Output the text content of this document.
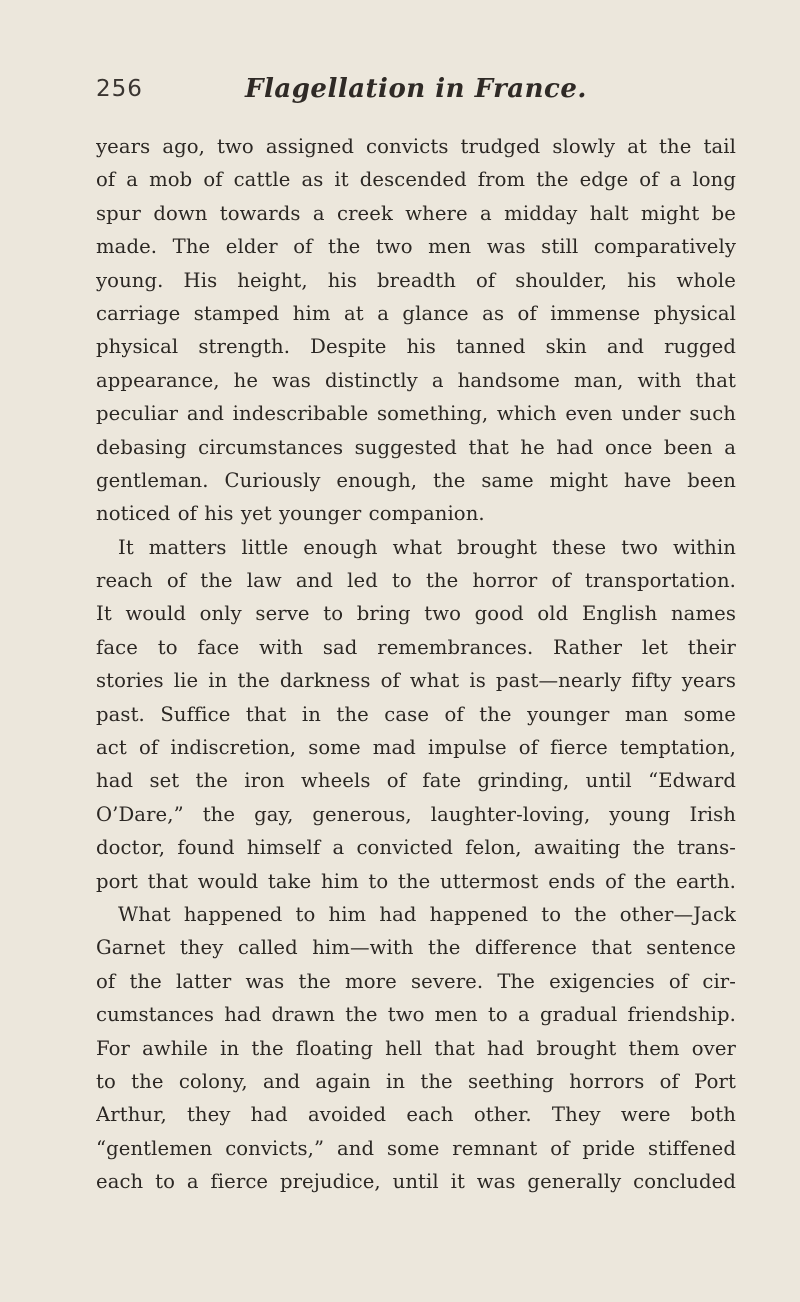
256	Flagellation in France.
years ago, two assigned convicts trudged slowly at the tail
of a mob of cattle as it descended from the edge of a long
spur down towards a creek where a midday halt might be
made. The elder of the two men was still comparatively
young. His height, his breadth of shoulder, his whole
carriage stamped him at a glance as of immense physical
physical strength. Despite his tanned skin and rugged
appearance, he was distinctly a handsome man, with that
peculiar and indescribable something, which even under such
debasing circumstances suggested that he had once been a
gentleman. Curiously enough, the same might have been
noticed of his yet younger companion.
It matters little enough what brought these two within
reach of the law and led to the horror of transportation.
It would only serve to bring two good old English names
face to face with sad remembrances. Rather let their
stories lie in the darkness of what is past—nearly fifty years
past. Suffice that in the case of the younger man some
act of indiscretion, some mad impulse of fierce temptation,
had set the iron wheels of fate grinding, until “Edward
O’Dare,” the gay, generous, laughter-loving, young Irish
doctor, found himself a convicted felon, awaiting the trans-
port that would take him to the uttermost ends of the earth.
What happened to him had happened to the other—Jack
Garnet they called him—with the difference that sentence
of the latter was the more severe. The exigencies of cir-
cumstances had drawn the two men to a gradual friendship.
For awhile in the floating hell that had brought them over
to the colony, and again in the seething horrors of Port
Arthur, they had avoided each other. They were both
“gentlemen convicts,” and some remnant of pride stiffened
each to a fierce prejudice, until it was generally concluded
